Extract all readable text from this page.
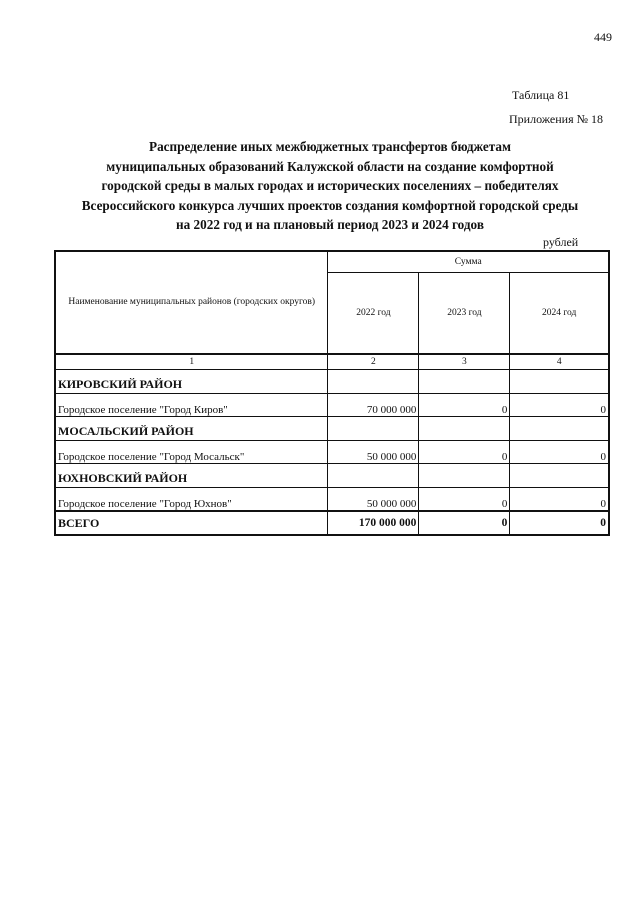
449
Таблица 81
Приложения № 18
Распределение иных межбюджетных трансфертов бюджетам
муниципальных образований Калужской области на создание комфортной
городской среды в малых городах и исторических поселениях – победителях
Всероссийского конкурса лучших проектов создания комфортной городской среды
на 2022 год и на плановый период 2023 и 2024 годов
рублей
Наименование муниципальных районов (городских округов)	Сумма		
	2022 год	2023 год	2024 год
1	2	3	4
КИРОВСКИЙ РАЙОН			
Городское поселение "Город Киров"	70 000 000	0	0
МОСАЛЬСКИЙ РАЙОН			
Городское поселение "Город Мосальск"	50 000 000	0	0
ЮХНОВСКИЙ РАЙОН			
Городское поселение "Город Юхнов"	50 000 000	0	0
ВСЕГО	170 000 000	0	0
